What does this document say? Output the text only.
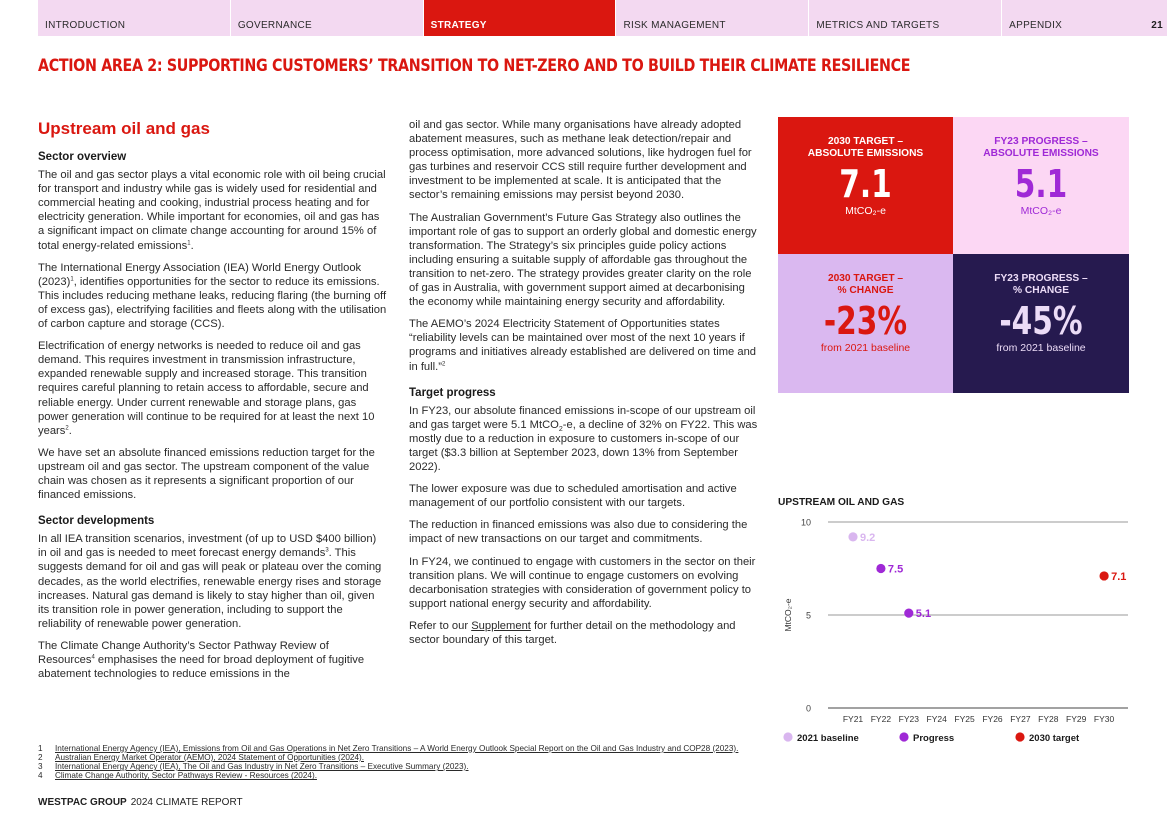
INTRODUCTION	GOVERNANCE	STRATEGY	RISK MANAGEMENT	METRICS AND TARGETS	APPENDIX	21
ACTION AREA 2: SUPPORTING CUSTOMERS’ TRANSITION TO NET-ZERO AND TO BUILD THEIR CLIMATE RESILIENCE
Upstream oil and gas
Sector overview

The oil and gas sector plays a vital economic role with oil being crucial for transport and industry while gas is widely used for residential and commercial heating and cooking, industrial process heating and for electricity generation. While important for economies, oil and gas has a significant impact on climate change accounting for around 15% of total energy-related emissions$^1$.

The International Energy Association (IEA) World Energy Outlook $(2023)^1$, identifies opportunities for the sector to reduce its emissions. This includes reducing methane leaks, reducing flaring (the burning off of excess gas), electrifying facilities and fleets along with the utilisation of carbon capture and storage (CCS).

Electrification of energy networks is needed to reduce oil and gas demand. This requires investment in transmission infrastructure, expanded renewable supply and increased storage. This transition requires careful planning to retain access to affordable, secure and reliable energy. Under current renewable and storage plans, gas power generation will continue to be required for at least the next 10 years$^2$.

We have set an absolute financed emissions reduction target for the upstream oil and gas sector. The upstream component of the value chain was chosen as it represents a significant proportion of our financed emissions.

Sector developments

In all IEA transition scenarios, investment (of up to USD $400 billion) in oil and gas is needed to meet forecast energy demands$^3$. This suggests demand for oil and gas will peak or plateau over the coming decades, as the world electrifies, renewable energy rises and storage increases. Natural gas demand is likely to stay higher than oil, given its transition role in power generation, including to support the reliability of renewable power generation.

The Climate Change Authority’s Sector Pathway Review of Resources$^4$ emphasises the need for broad deployment of fugitive abatement technologies to reduce emissions in the

oil and gas sector. While many organisations have already adopted abatement measures, such as methane leak detection/repair and process optimisation, more advanced solutions, like hydrogen fuel for gas turbines and reservoir CCS still require further development and investment to be implemented at scale. It is anticipated that the sector’s remaining emissions may persist beyond 2030.

The Australian Government’s Future Gas Strategy also outlines the important role of gas to support an orderly global and domestic energy transformation. The Strategy’s six principles guide policy actions including ensuring a suitable supply of affordable gas throughout the transition to net-zero. The strategy provides greater clarity on the role of gas in Australia, with government support aimed at decarbonising the economy while maintaining energy security and affordability.

The AEMO’s 2024 Electricity Statement of Opportunities states “reliability levels can be maintained over most of the next 10 years if programs and initiatives already established are delivered on time and in full.”$^2$

Target progress

In FY23, our absolute financed emissions in-scope of our upstream oil and gas target were 5.1 MtCO$_2$-e, a decline of 32% on FY22. This was mostly due to a reduction in exposure to customers in-scope of our target ($3.3 billion at September 2023, down 13% from September 2022).

The lower exposure was due to scheduled amortisation and active management of our portfolio consistent with our targets.

The reduction in financed emissions was also due to considering the impact of new transactions on our target and commitments.

In FY24, we continued to engage with customers in the sector on their transition plans. We will continue to engage customers on evolving decarbonisation strategies with consideration of government policy to support national energy security and affordability.

Refer to our Supplement for further detail on the methodology and sector boundary of this target.

2030 TARGET –
ABSOLUTE EMISSIONS
7.1
MtCO₂-e
FY23 PROGRESS –
ABSOLUTE EMISSIONS
5.1
MtCO₂-e
2030 TARGET –
% CHANGE
-23%
from 2021 baseline
FY23 PROGRESS –
% CHANGE
-45%
from 2021 baseline
UPSTREAM OIL AND GAS
0
5
10
MtCO₂-e
FY21 FY22 FY23 FY24 FY25 FY26 FY27 FY28 FY29 FY30
9.2
7.5
5.1
7.1
2021 baseline	Progress	2030 target
1	International Energy Agency (IEA), Emissions from Oil and Gas Operations in Net Zero Transitions – A World Energy Outlook Special Report on the Oil and Gas Industry and COP28 (2023).
2	Australian Energy Market Operator (AEMO), 2024 Statement of Opportunities (2024).
3	International Energy Agency (IEA), The Oil and Gas Industry in Net Zero Transitions – Executive Summary (2023).
4	Climate Change Authority, Sector Pathways Review - Resources (2024).
WESTPAC GROUP 2024 CLIMATE REPORT
